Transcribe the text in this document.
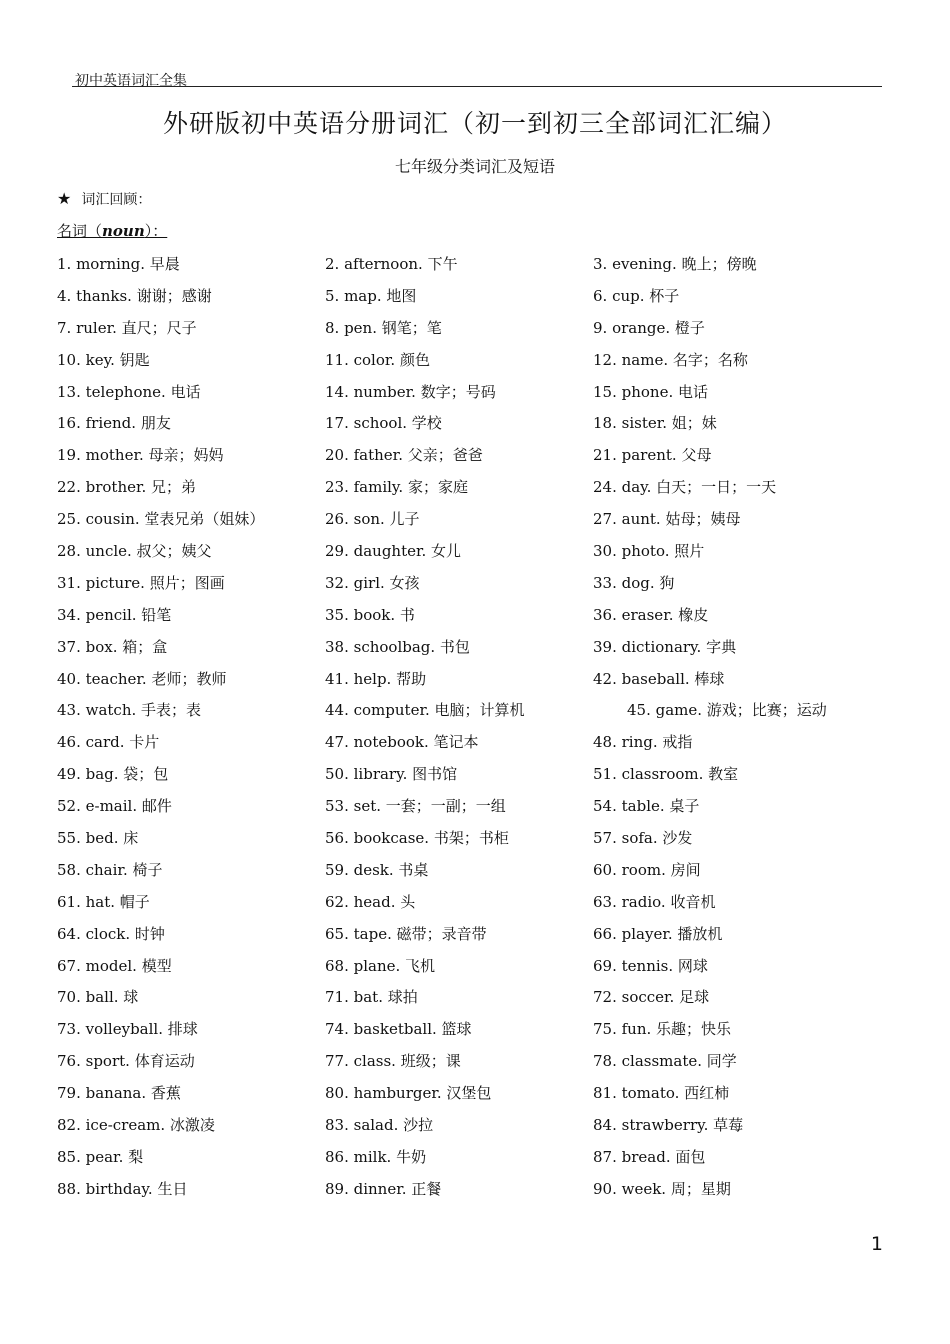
初中英语词汇全集
外研版初中英语分册词汇（初一到初三全部词汇汇编）
七年级分类词汇及短语
★ 词汇回顾：
名词（noun）：
1. morning. 早晨	2. afternoon. 下午	3. evening. 晚上；傍晚
4. thanks. 谢谢；感谢	5. map. 地图	6. cup. 杯子
7. ruler. 直尺；尺子	8. pen. 钢笔；笔	9. orange. 橙子
10. key. 钥匙	11. color. 颜色	12. name. 名字；名称
13. telephone. 电话	14. number. 数字；号码	15. phone. 电话
16. friend. 朋友	17. school. 学校	18. sister. 姐；妹
19. mother. 母亲；妈妈	20. father. 父亲；爸爸	21. parent. 父母
22. brother. 兄；弟	23. family. 家；家庭	24. day. 白天；一日；一天
25. cousin. 堂表兄弟（姐妹）	26. son. 儿子	27. aunt. 姑母；姨母
28. uncle. 叔父；姨父	29. daughter. 女儿	30. photo. 照片
31. picture. 照片；图画	32. girl. 女孩	33. dog. 狗
34. pencil. 铅笔	35. book. 书	36. eraser. 橡皮
37. box. 箱；盒	38. schoolbag. 书包	39. dictionary. 字典
40. teacher. 老师；教师	41. help. 帮助	42. baseball. 棒球
43. watch. 手表；表	44. computer. 电脑；计算机	45. game. 游戏；比赛；运动
46. card. 卡片	47. notebook. 笔记本	48. ring. 戒指
49. bag. 袋；包	50. library. 图书馆	51. classroom. 教室
52. e-mail. 邮件	53. set. 一套；一副；一组	54. table. 桌子
55. bed. 床	56. bookcase. 书架；书柜	57. sofa. 沙发
58. chair. 椅子	59. desk. 书桌	60. room. 房间
61. hat. 帽子	62. head. 头	63. radio. 收音机
64. clock. 时钟	65. tape. 磁带；录音带	66. player. 播放机
67. model. 模型	68. plane. 飞机	69. tennis. 网球
70. ball. 球	71. bat. 球拍	72. soccer. 足球
73. volleyball. 排球	74. basketball. 篮球	75. fun. 乐趣；快乐
76. sport. 体育运动	77. class. 班级；课	78. classmate. 同学
79. banana. 香蕉	80. hamburger. 汉堡包	81. tomato. 西红柿
82. ice-cream. 冰激凌	83. salad. 沙拉	84. strawberry. 草莓
85. pear. 梨	86. milk. 牛奶	87. bread. 面包
88. birthday. 生日	89. dinner. 正餐	90. week. 周；星期
1
